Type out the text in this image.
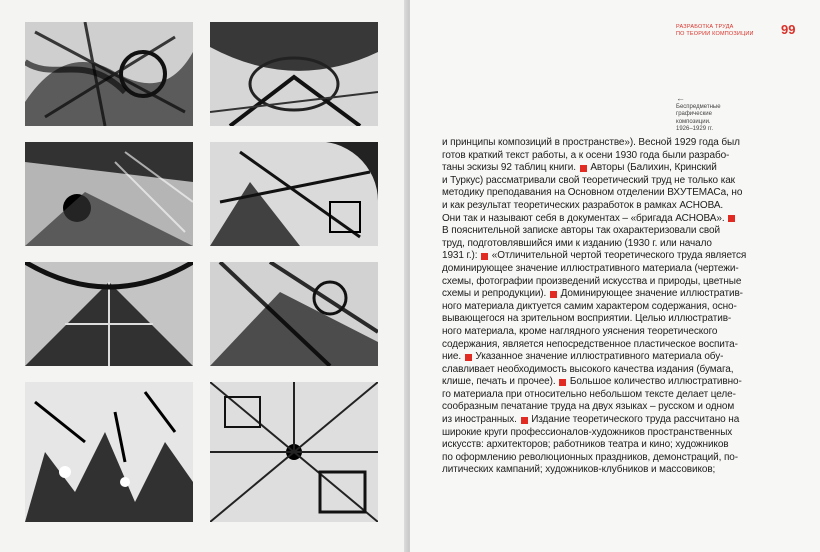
РАЗРАБОТКА ТРУДА
ПО ТЕОРИИ КОМПОЗИЦИИ 99
←
Беспредметные
графические
композиции.
1926–1929 гг.
и принципы композиций в пространстве»). Весной 1929 года был
готов краткий текст работы, а к осени 1930 года были разрабо-
таны эскизы 92 таблиц книги.  Авторы (Балихин, Кринский
и Туркус) рассматривали свой теоретический труд не только как
методику преподавания на Основном отделении ВХУТЕМАСа, но
и как результат теоретических разработок в рамках АСНОВА.
Они так и называют себя в документах – «бригада АСНОВА».
В пояснительной записке авторы так охарактеризовали свой
труд, подготовлявшийся ими к изданию (1930 г. или начало
1931 г.):  «Отличительной чертой теоретического труда является
доминирующее значение иллюстративного материала (чертежи-
схемы, фотографии произведений искусства и природы, цветные
схемы и репродукции).  Доминирующее значение иллюстратив-
ного материала диктуется самим характером содержания, осно-
вывающегося на зрительном восприятии. Целью иллюстратив-
ного материала, кроме наглядного уяснения теоретического
содержания, является непосредственное пластическое воспита-
ние.  Указанное значение иллюстративного материала обу-
славливает необходимость высокого качества издания (бумага,
клише, печать и прочее).  Большое количество иллюстративно-
го материала при относительно небольшом тексте делает целе-
сообразным печатание труда на двух языках – русском и одном
из иностранных.  Издание теоретического труда рассчитано на
широкие круги профессионалов-художников пространственных
искусств: архитекторов; работников театра и кино; художников
по оформлению революционных праздников, демонстраций, по-
литических кампаний; художников-клубников и массовиков;
